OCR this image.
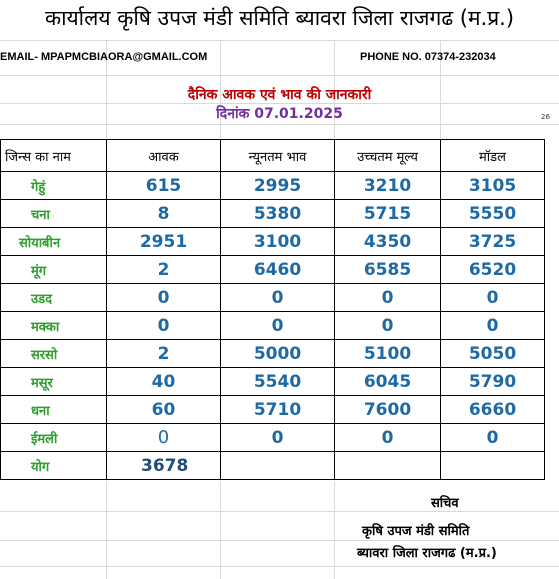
कार्यालय कृषि उपज मंडी समिति ब्यावरा जिला राजगढ (म.प्र.)
EMAIL- MPAPMCBIAORA@GMAIL.COM	PHONE NO. 07374-232034
दैनिक आवक एवं भाव की जानकारी
दिनांक 07.01.2025	26
जिन्स का नाम	आवक	न्यूनतम भाव	उच्चतम मूल्य	मॉडल
गेहुं	615	2995	3210	3105
चना	8	5380	5715	5550
सोयाबीन	2951	3100	4350	3725
मूंग	2	6460	6585	6520
उडद	0	0	0	0
मक्का	0	0	0	0
सरसो	2	5000	5100	5050
मसूर	40	5540	6045	5790
धना	60	5710	7600	6660
ईमली	0	0	0	0
योग	3678			
सचिव
कृषि उपज मंडी समिति
ब्यावरा जिला राजगढ (म.प्र.)
